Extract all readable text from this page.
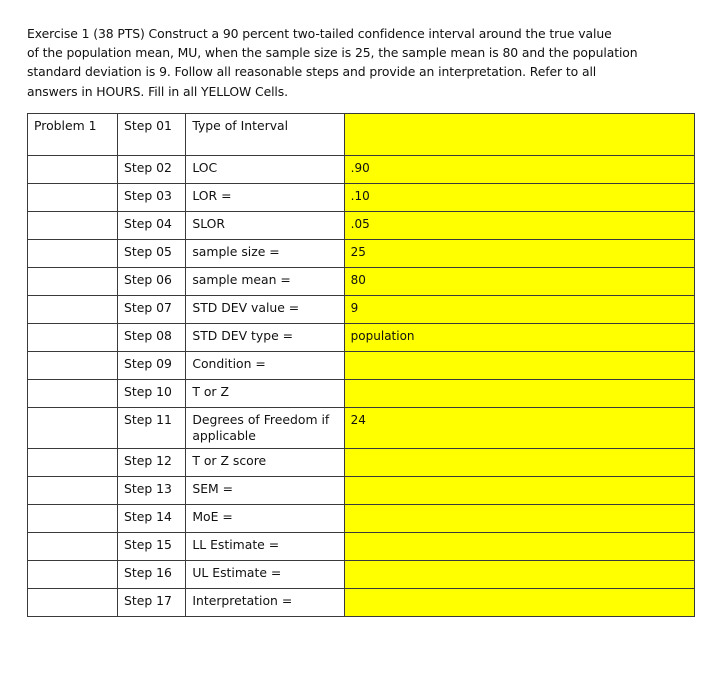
Exercise 1 (38 PTS) Construct a 90 percent two-tailed confidence interval around the true value
of the population mean, MU, when the sample size is 25, the sample mean is 80 and the population
standard deviation is 9. Follow all reasonable steps and provide an interpretation. Refer to all
answers in HOURS. Fill in all YELLOW Cells.
Problem 1	Step 01	Type of Interval	
	Step 02	LOC	.90
	Step 03	LOR =	.10
	Step 04	SLOR	.05
	Step 05	sample size =	25
	Step 06	sample mean =	80
	Step 07	STD DEV value =	9
	Step 08	STD DEV type =	population
	Step 09	Condition =	
	Step 10	T or Z	
	Step 11	Degrees of Freedom if applicable	24
	Step 12	T or Z score	
	Step 13	SEM =	
	Step 14	MoE =	
	Step 15	LL Estimate =	
	Step 16	UL Estimate =	
	Step 17	Interpretation =	
